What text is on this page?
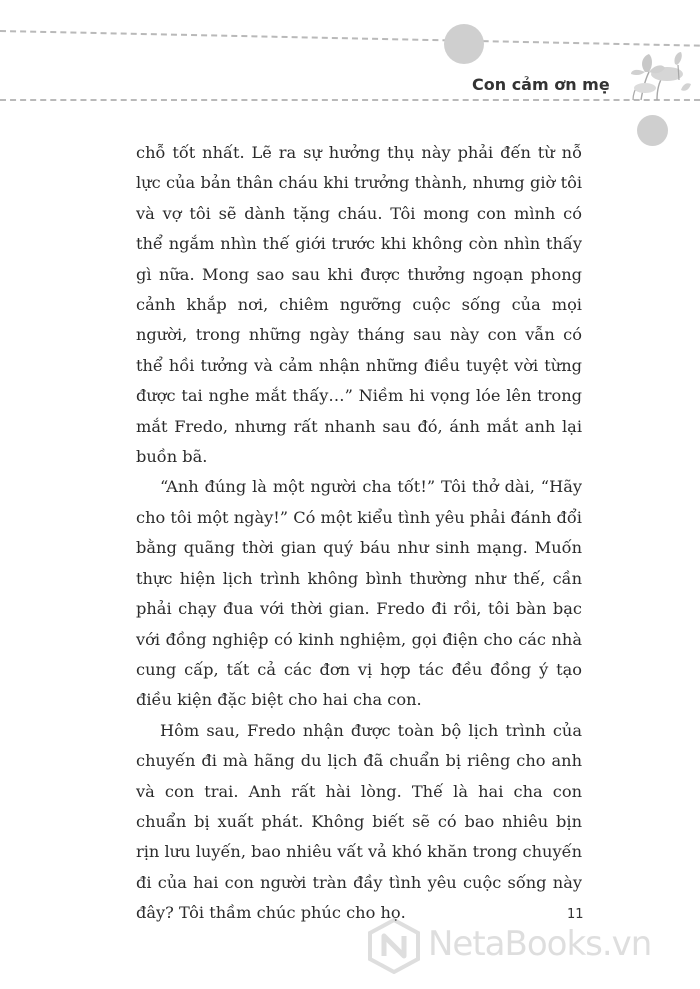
Con cảm ơn mẹ

chỗ tốt nhất. Lẽ ra sự hưởng thụ này phải đến từ nỗ lực của bản thân cháu khi trưởng thành, nhưng giờ tôi và vợ tôi sẽ dành tặng cháu. Tôi mong con mình có thể ngắm nhìn thế giới trước khi không còn nhìn thấy gì nữa. Mong sao sau khi được thưởng ngoạn phong cảnh khắp nơi, chiêm ngưỡng cuộc sống của mọi người, trong những ngày tháng sau này con vẫn có thể hồi tưởng và cảm nhận những điều tuyệt vời từng được tai nghe mắt thấy…” Niềm hi vọng lóe lên trong mắt Fredo, nhưng rất nhanh sau đó, ánh mắt anh lại buồn bã.

“Anh đúng là một người cha tốt!” Tôi thở dài, “Hãy cho tôi một ngày!” Có một kiểu tình yêu phải đánh đổi bằng quãng thời gian quý báu như sinh mạng. Muốn thực hiện lịch trình không bình thường như thế, cần phải chạy đua với thời gian. Fredo đi rồi, tôi bàn bạc với đồng nghiệp có kinh nghiệm, gọi điện cho các nhà cung cấp, tất cả các đơn vị hợp tác đều đồng ý tạo điều kiện đặc biệt cho hai cha con.

Hôm sau, Fredo nhận được toàn bộ lịch trình của chuyến đi mà hãng du lịch đã chuẩn bị riêng cho anh và con trai. Anh rất hài lòng. Thế là hai cha con chuẩn bị xuất phát. Không biết sẽ có bao nhiêu bịn rịn lưu luyến, bao nhiêu vất vả khó khăn trong chuyến đi của hai con người tràn đầy tình yêu cuộc sống này đây? Tôi thầm chúc phúc cho họ.	11
NetaBooks.vn
